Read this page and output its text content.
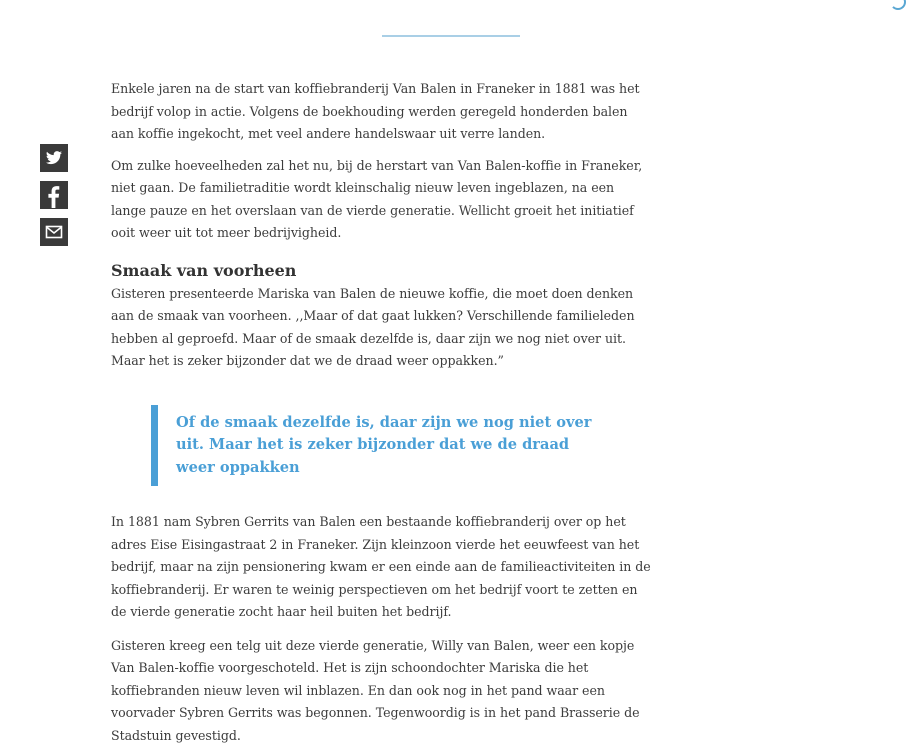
Enkele jaren na de start van koffiebranderij Van Balen in Franeker in 1881 was het bedrijf volop in actie. Volgens de boekhouding werden geregeld honderden balen aan koffie ingekocht, met veel andere handelswaar uit verre landen.

Om zulke hoeveelheden zal het nu, bij de herstart van Van Balen-koffie in Franeker, niet gaan. De familietraditie wordt kleinschalig nieuw leven ingeblazen, na een lange pauze en het overslaan van de vierde generatie. Wellicht groeit het initiatief ooit weer uit tot meer bedrijvigheid.

Smaak van voorheen

Gisteren presenteerde Mariska van Balen de nieuwe koffie, die moet doen denken aan de smaak van voorheen. ,,Maar of dat gaat lukken? Verschillende familieleden hebben al geproefd. Maar of de smaak dezelfde is, daar zijn we nog niet over uit. Maar het is zeker bijzonder dat we de draad weer oppakken.”

Of de smaak dezelfde is, daar zijn we nog niet over uit. Maar het is zeker bijzonder dat we de draad weer oppakken

In 1881 nam Sybren Gerrits van Balen een bestaande koffiebranderij over op het adres Eise Eisingastraat 2 in Franeker. Zijn kleinzoon vierde het eeuwfeest van het bedrijf, maar na zijn pensionering kwam er een einde aan de familieactiviteiten in de koffiebranderij. Er waren te weinig perspectieven om het bedrijf voort te zetten en de vierde generatie zocht haar heil buiten het bedrijf.

Gisteren kreeg een telg uit deze vierde generatie, Willy van Balen, weer een kopje Van Balen-koffie voorgeschoteld. Het is zijn schoondochter Mariska die het koffiebranden nieuw leven wil inblazen. En dan ook nog in het pand waar een voorvader Sybren Gerrits was begonnen. Tegenwoordig is in het pand Brasserie de Stadstuin gevestigd.
